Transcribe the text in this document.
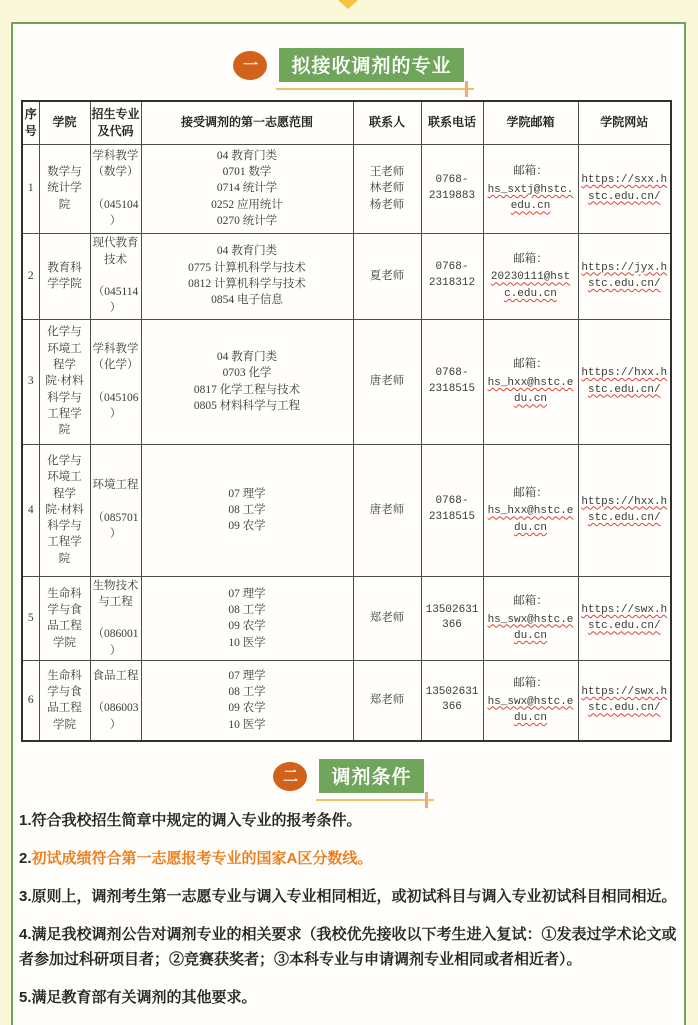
一	拟接收调剂的专业
序号	学院	招生专业及代码	接受调剂的第一志愿范围	联系人	联系电话	学院邮箱	学院网站
1	数学与
统计学
院	学科教学
（数学）

（045104
）	04 教育门类
0701 数学
0714 统计学
0252 应用统计
0270 统计学	王老师
林老师
杨老师	0768-
2319883	邮箱：
hs_sxtj@hstc.edu.cn	https://sxx.hstc.edu.cn/
2	教育科
学学院	现代教育
技术

（045114
）	04 教育门类
0775 计算机科学与技术
0812 计算机科学与技术
0854 电子信息	夏老师	0768-
2318312	邮箱：
20230111@hstc.edu.cn	https://jyx.hstc.edu.cn/
3	化学与
环境工
程学
院·材料
科学与
工程学
院	学科教学
（化学）

（045106
）	04 教育门类
0703 化学
0817 化学工程与技术
0805 材料科学与工程	唐老师	0768-
2318515	
邮箱：
hs_hxx@hstc.edu.cn	https://hxx.hstc.edu.cn/
4	化学与
环境工
程学
院·材料
科学与
工程学
院	环境工程

（085701
）	07 理学
08 工学
09 农学	唐老师	0768-
2318515	
邮箱：
hs_hxx@hstc.edu.cn	https://hxx.hstc.edu.cn/
5	生命科
学与食
品工程
学院	生物技术
与工程

（086001
）	07 理学
08 工学
09 农学
10 医学	郑老师	13502631
366	邮箱：
hs_swx@hstc.edu.cn	https://swx.hstc.edu.cn/
6	生命科
学与食
品工程
学院	食品工程

（086003
）	07 理学
08 工学
09 农学
10 医学	郑老师	13502631
366	邮箱：
hs_swx@hstc.edu.cn	https://swx.hstc.edu.cn/
二	调剂条件

1.符合我校招生简章中规定的调入专业的报考条件。

2.初试成绩符合第一志愿报考专业的国家A区分数线。

3.原则上，调剂考生第一志愿专业与调入专业相同相近，或初试科目与调入专业初试科目相同相近。

4.满足我校调剂公告对调剂专业的相关要求（我校优先接收以下考生进入复试：①发表过学术论文或者参加过科研项目者；②竞赛获奖者；③本科专业与申请调剂专业相同或者相近者）。

5.满足教育部有关调剂的其他要求。
